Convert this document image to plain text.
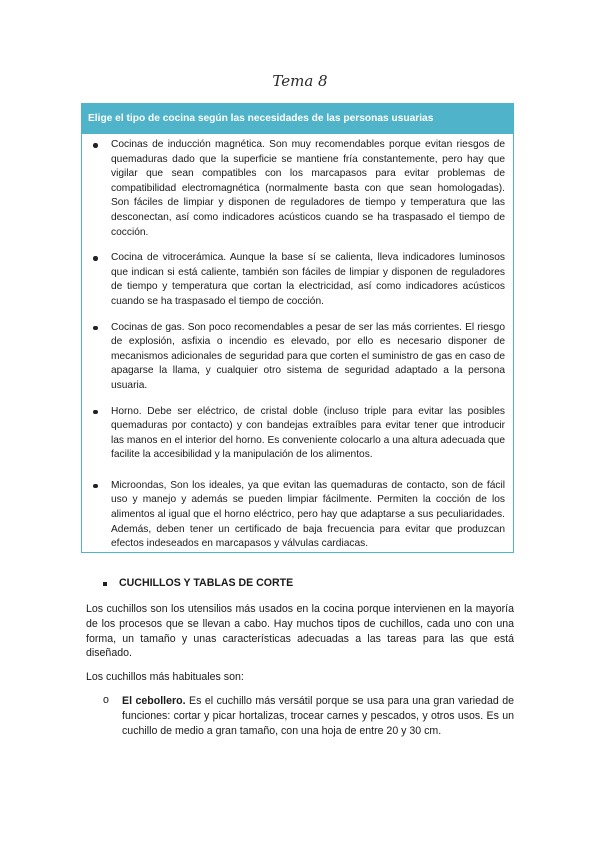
Tema 8
Elige el tipo de cocina según las necesidades de las personas usuarias
Cocinas de inducción magnética. Son muy recomendables porque evitan riesgos de quemaduras dado que la superficie se mantiene fría constantemente, pero hay que vigilar que sean compatibles con los marcapasos para evitar problemas de compatibilidad electromagnética (normalmente basta con que sean homologadas). Son fáciles de limpiar y disponen de reguladores de tiempo y temperatura que las desconectan, así como indicadores acústicos cuando se ha traspasado el tiempo de cocción.
Cocina de vitrocerámica. Aunque la base sí se calienta, lleva indicadores luminosos que indican si está caliente, también son fáciles de limpiar y disponen de reguladores de tiempo y temperatura que cortan la electricidad, así como indicadores acústicos cuando se ha traspasado el tiempo de cocción.
Cocinas de gas. Son poco recomendables a pesar de ser las más corrientes. El riesgo de explosión, asfixia o incendio es elevado, por ello es necesario disponer de mecanismos adicionales de seguridad para que corten el suministro de gas en caso de apagarse la llama, y cualquier otro sistema de seguridad adaptado a la persona usuaria.
Horno. Debe ser eléctrico, de cristal doble (incluso triple para evitar las posibles quemaduras por contacto) y con bandejas extraíbles para evitar tener que introducir las manos en el interior del horno. Es conveniente colocarlo a una altura adecuada que facilite la accesibilidad y la manipulación de los alimentos.
Microondas, Son los ideales, ya que evitan las quemaduras de contacto, son de fácil uso y manejo y además se pueden limpiar fácilmente. Permiten la cocción de los alimentos al igual que el horno eléctrico, pero hay que adaptarse a sus peculiaridades. Además, deben tener un certificado de baja frecuencia para evitar que produzcan efectos indeseados en marcapasos y válvulas cardiacas.
CUCHILLOS Y TABLAS DE CORTE
Los cuchillos son los utensilios más usados en la cocina porque intervienen en la mayoría de los procesos que se llevan a cabo. Hay muchos tipos de cuchillos, cada uno con una forma, un tamaño y unas características adecuadas a las tareas para las que está diseñado.
Los cuchillos más habituales son:
o El cebollero. Es el cuchillo más versátil porque se usa para una gran variedad de funciones: cortar y picar hortalizas, trocear carnes y pescados, y otros usos. Es un cuchillo de medio a gran tamaño, con una hoja de entre 20 y 30 cm.
